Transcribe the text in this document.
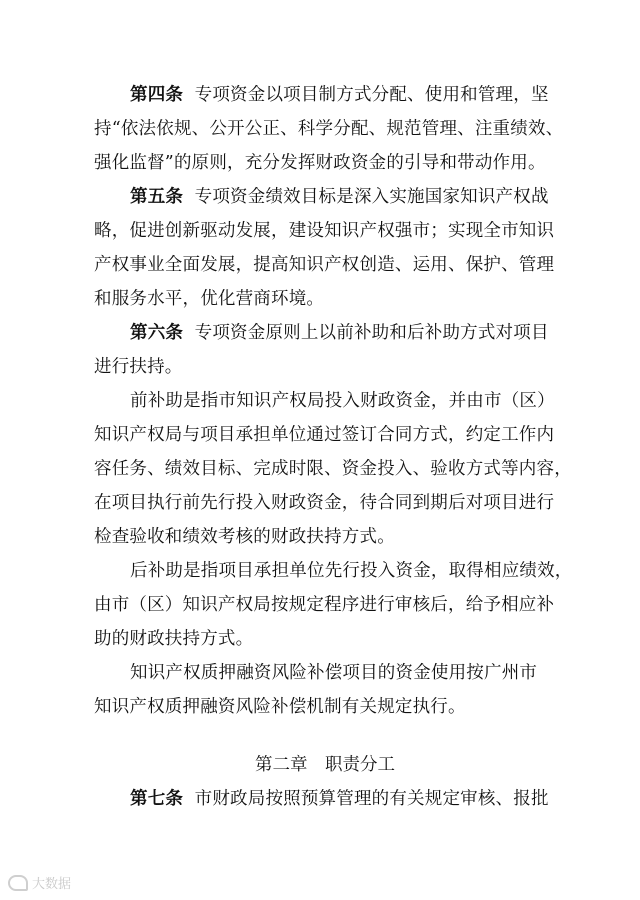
第四条 专项资金以项目制方式分配、使用和管理，坚
持“依法依规、公开公正、科学分配、规范管理、注重绩效、
强化监督”的原则，充分发挥财政资金的引导和带动作用。

第五条 专项资金绩效目标是深入实施国家知识产权战
略，促进创新驱动发展，建设知识产权强市；实现全市知识
产权事业全面发展，提高知识产权创造、运用、保护、管理
和服务水平，优化营商环境。

第六条 专项资金原则上以前补助和后补助方式对项目
进行扶持。

前补助是指市知识产权局投入财政资金，并由市（区）
知识产权局与项目承担单位通过签订合同方式，约定工作内
容任务、绩效目标、完成时限、资金投入、验收方式等内容，
在项目执行前先行投入财政资金，待合同到期后对项目进行
检查验收和绩效考核的财政扶持方式。

后补助是指项目承担单位先行投入资金，取得相应绩效，
由市（区）知识产权局按规定程序进行审核后，给予相应补
助的财政扶持方式。

知识产权质押融资风险补偿项目的资金使用按广州市
知识产权质押融资风险补偿机制有关规定执行。

第二章　职责分工

第七条 市财政局按照预算管理的有关规定审核、报批

大数据
